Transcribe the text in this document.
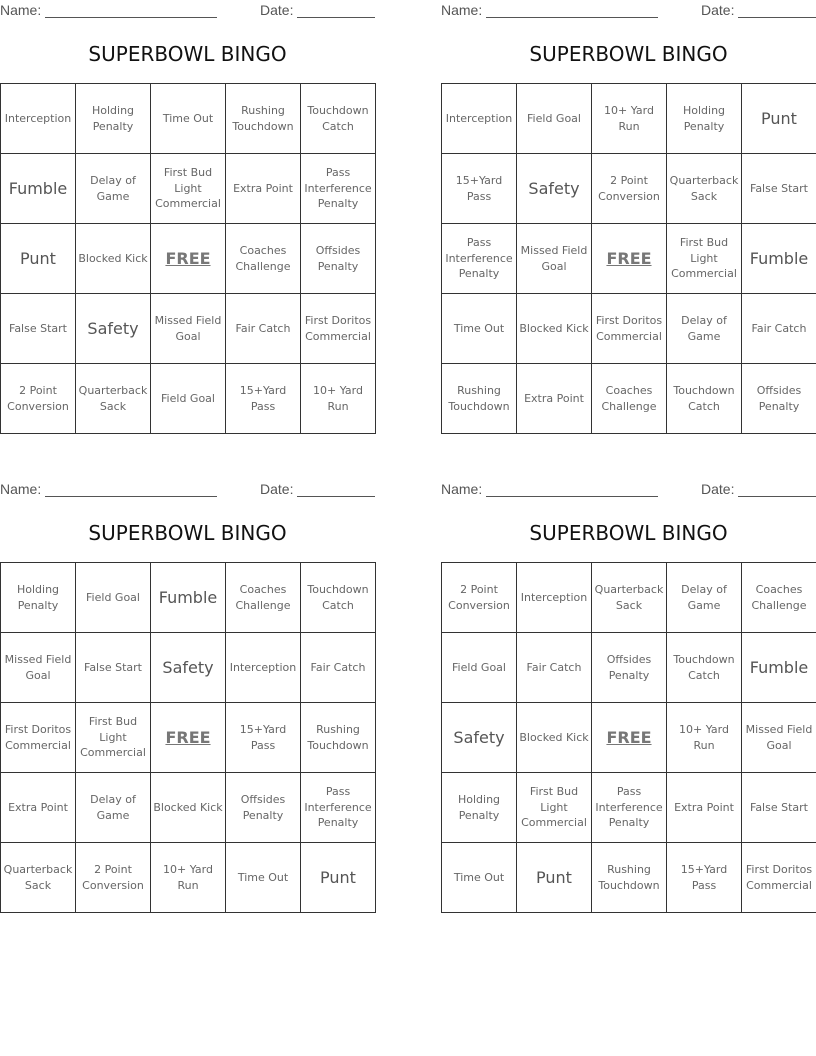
Name:	Date:
SUPERBOWL BINGO
Interception	Holding Penalty	Time Out	Rushing Touchdown	Touchdown Catch
Fumble	Delay of Game	First Bud Light Commercial	Extra Point	Pass Interference Penalty
Punt	Blocked Kick	FREE	Coaches Challenge	Offsides Penalty
False Start	Safety	Missed Field Goal	Fair Catch	First Doritos Commercial
2 Point Conversion	Quarterback Sack	Field Goal	15+Yard Pass	10+ Yard Run
Name:	Date:
SUPERBOWL BINGO
Interception	Field Goal	10+ Yard Run	Holding Penalty	Punt
15+Yard Pass	Safety	2 Point Conversion	Quarterback Sack	False Start
Pass Interference Penalty	Missed Field Goal	FREE	First Bud Light Commercial	Fumble
Time Out	Blocked Kick	First Doritos Commercial	Delay of Game	Fair Catch
Rushing Touchdown	Extra Point	Coaches Challenge	Touchdown Catch	Offsides Penalty
Name:	Date:
SUPERBOWL BINGO
Holding Penalty	Field Goal	Fumble	Coaches Challenge	Touchdown Catch
Missed Field Goal	False Start	Safety	Interception	Fair Catch
First Doritos Commercial	First Bud Light Commercial	FREE	15+Yard Pass	Rushing Touchdown
Extra Point	Delay of Game	Blocked Kick	Offsides Penalty	Pass Interference Penalty
Quarterback Sack	2 Point Conversion	10+ Yard Run	Time Out	Punt
Name:	Date:
SUPERBOWL BINGO
2 Point Conversion	Interception	Quarterback Sack	Delay of Game	Coaches Challenge
Field Goal	Fair Catch	Offsides Penalty	Touchdown Catch	Fumble
Safety	Blocked Kick	FREE	10+ Yard Run	Missed Field Goal
Holding Penalty	First Bud Light Commercial	Pass Interference Penalty	Extra Point	False Start
Time Out	Punt	Rushing Touchdown	15+Yard Pass	First Doritos Commercial
